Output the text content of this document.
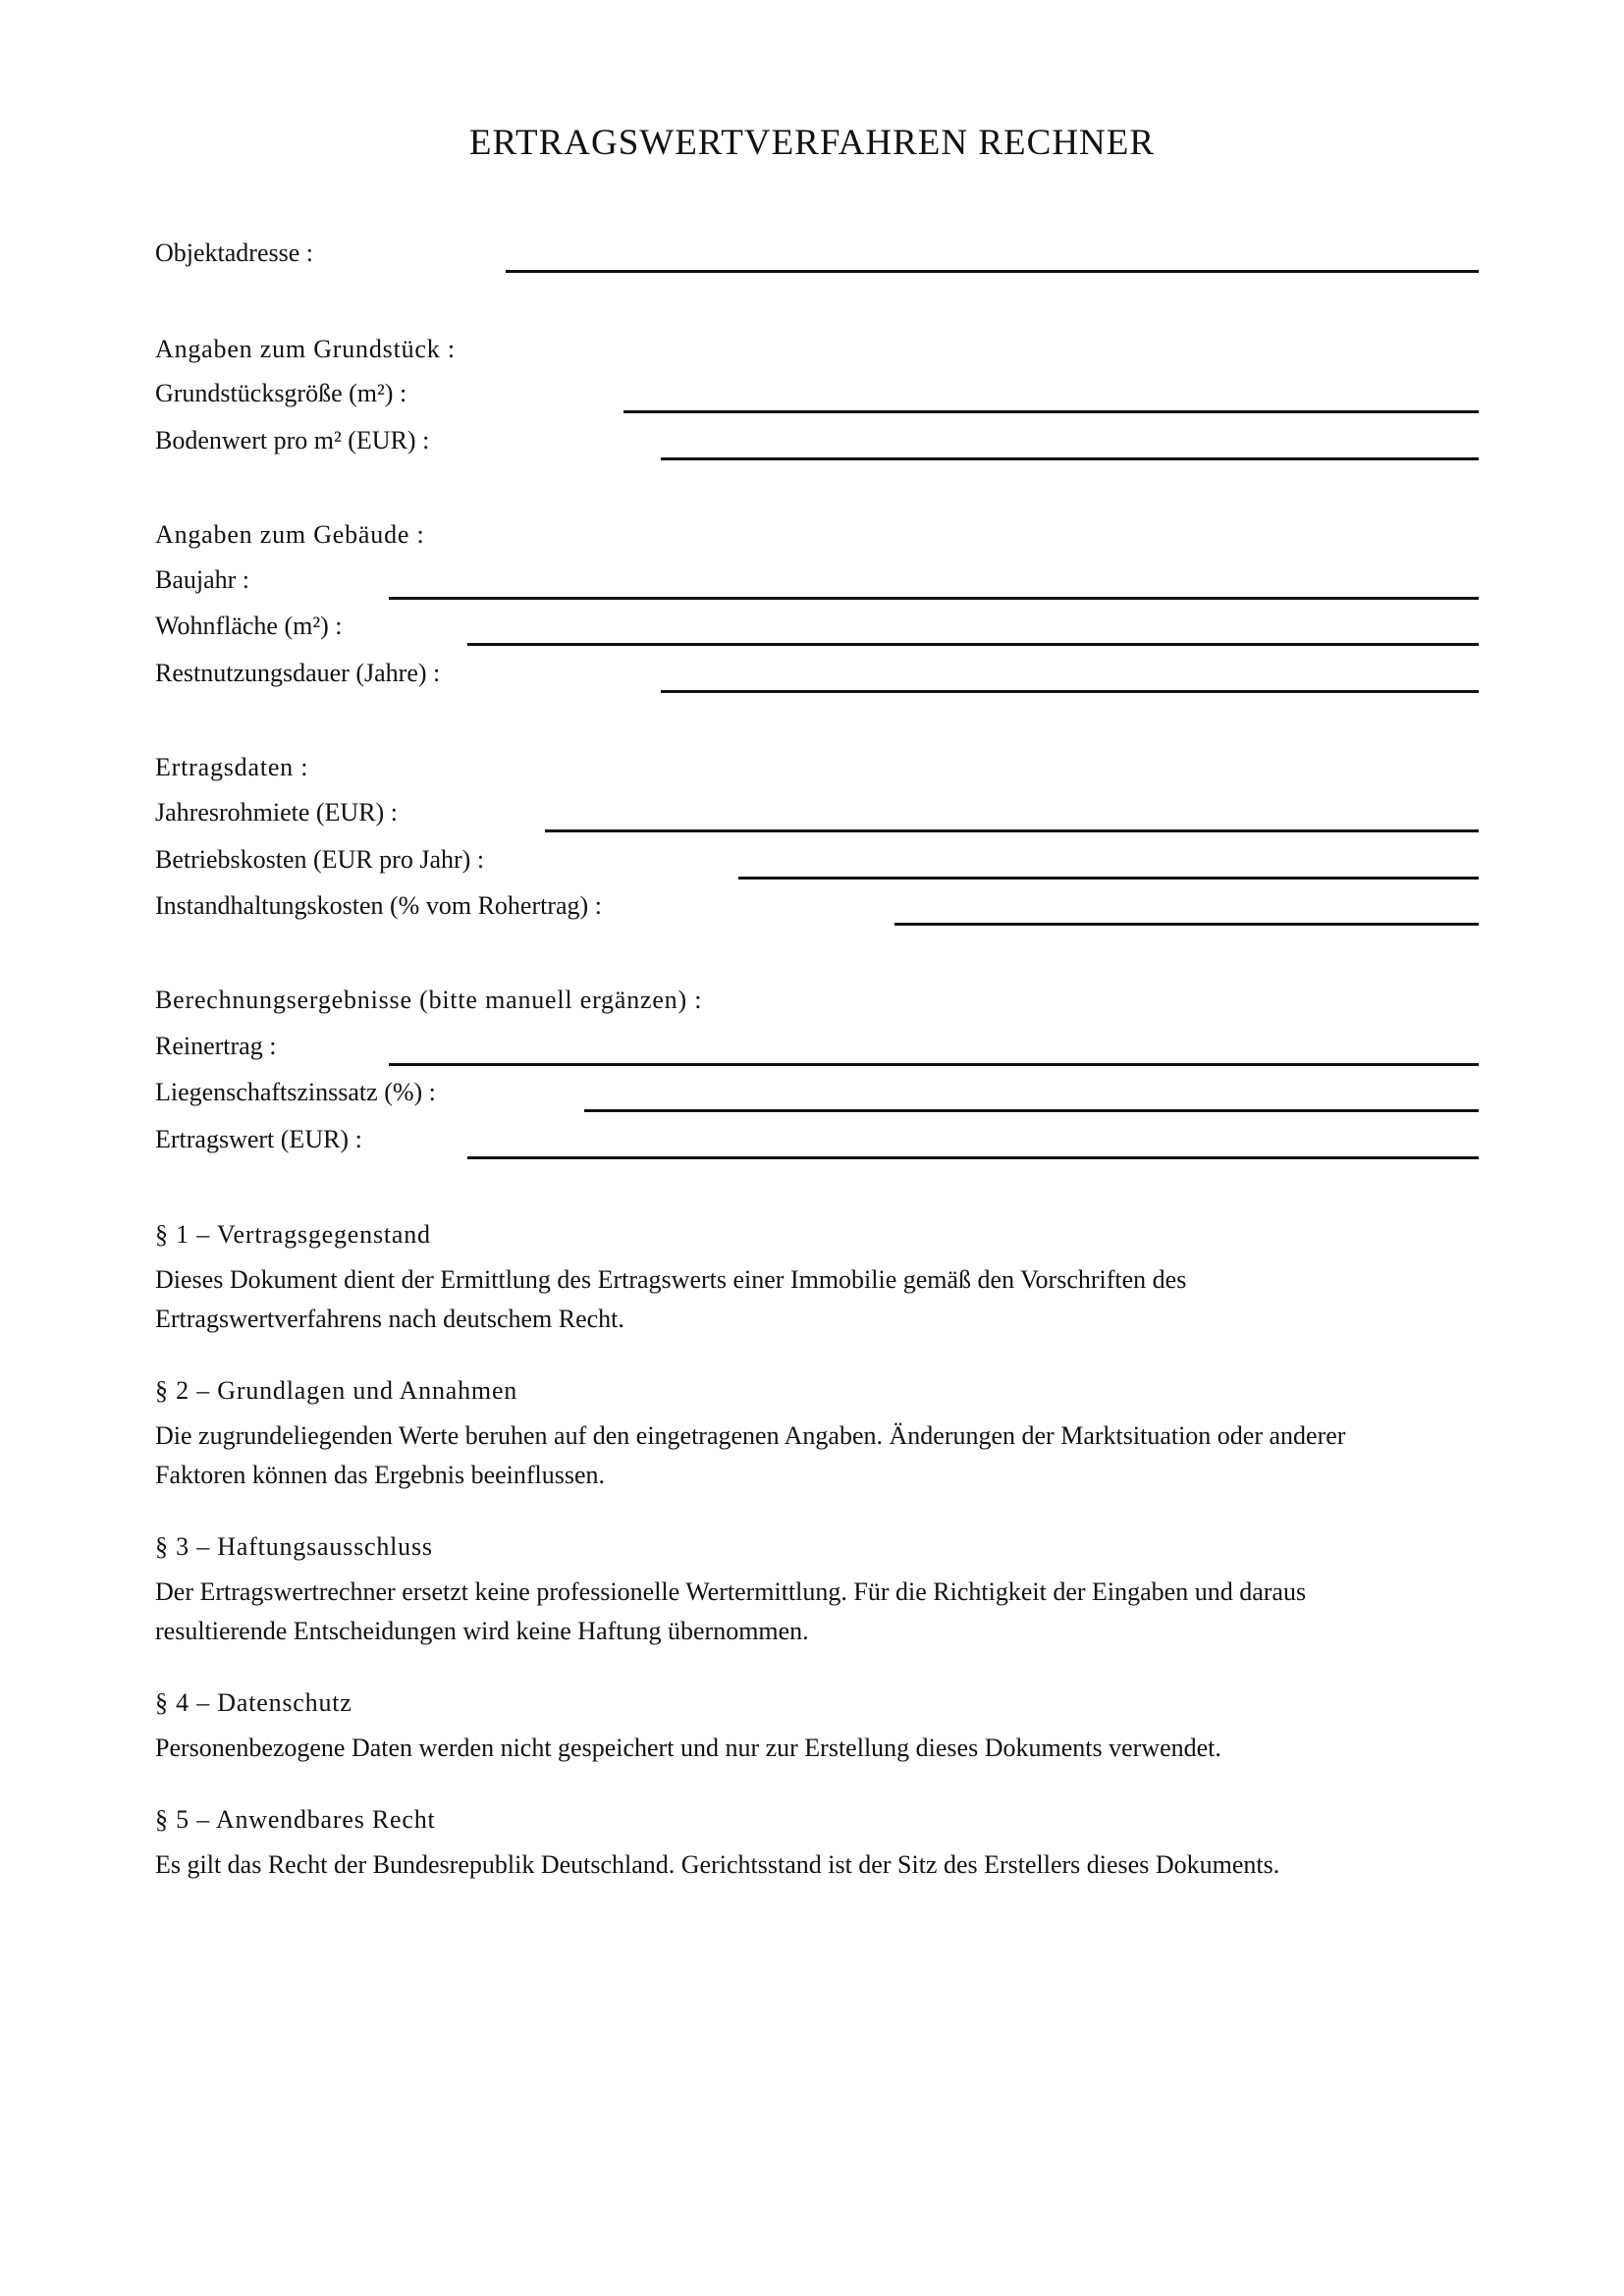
ERTRAGSWERTVERFAHREN RECHNER
Objektadresse :
Angaben zum Grundstück :
Grundstücksgröße (m²) :
Bodenwert pro m² (EUR) :
Angaben zum Gebäude :
Baujahr :
Wohnfläche (m²) :
Restnutzungsdauer (Jahre) :
Ertragsdaten :
Jahresrohmiete (EUR) :
Betriebskosten (EUR pro Jahr) :
Instandhaltungskosten (% vom Rohertrag) :
Berechnungsergebnisse (bitte manuell ergänzen) :
Reinertrag :
Liegenschaftszinssatz (%) :
Ertragswert (EUR) :
§ 1 – Vertragsgegenstand
Dieses Dokument dient der Ermittlung des Ertragswerts einer Immobilie gemäß den Vorschriften des
Ertragswertverfahrens nach deutschem Recht.
§ 2 – Grundlagen und Annahmen
Die zugrundeliegenden Werte beruhen auf den eingetragenen Angaben. Änderungen der Marktsituation oder anderer
Faktoren können das Ergebnis beeinflussen.
§ 3 – Haftungsausschluss
Der Ertragswertrechner ersetzt keine professionelle Wertermittlung. Für die Richtigkeit der Eingaben und daraus
resultierende Entscheidungen wird keine Haftung übernommen.
§ 4 – Datenschutz
Personenbezogene Daten werden nicht gespeichert und nur zur Erstellung dieses Dokuments verwendet.
§ 5 – Anwendbares Recht
Es gilt das Recht der Bundesrepublik Deutschland. Gerichtsstand ist der Sitz des Erstellers dieses Dokuments.
